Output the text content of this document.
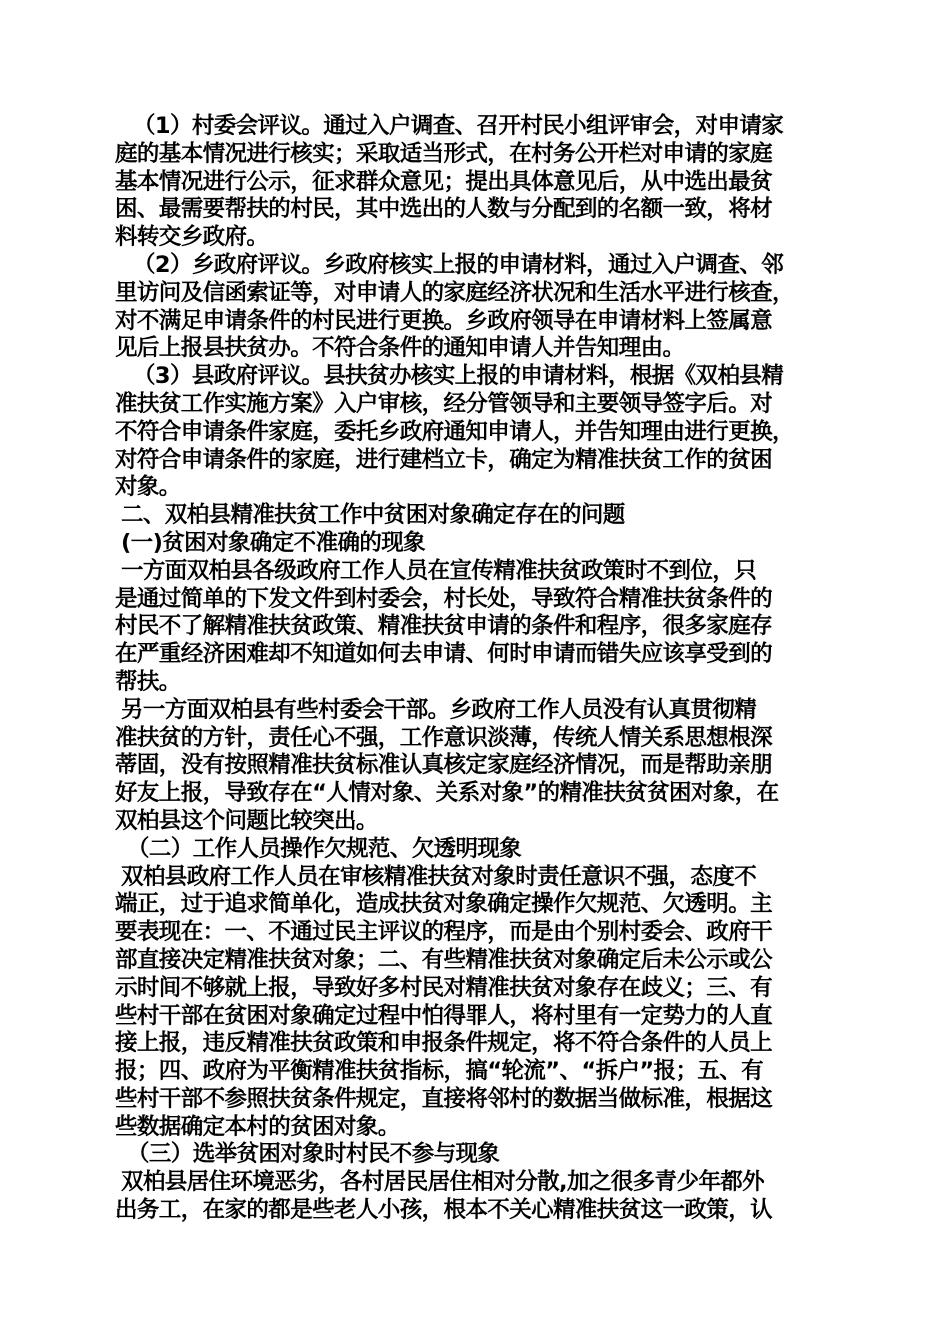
（1）村委会评议。通过入户调查、召开村民小组评审会，对申请家
庭的基本情况进行核实；采取适当形式，在村务公开栏对申请的家庭
基本情况进行公示，征求群众意见；提出具体意见后，从中选出最贫
困、最需要帮扶的村民，其中选出的人数与分配到的名额一致，将材
料转交乡政府。
（2）乡政府评议。乡政府核实上报的申请材料，通过入户调查、邻
里访问及信函索证等，对申请人的家庭经济状况和生活水平进行核查，
对不满足申请条件的村民进行更换。乡政府领导在申请材料上签属意
见后上报县扶贫办。不符合条件的通知申请人并告知理由。
（3）县政府评议。县扶贫办核实上报的申请材料，根据《双柏县精
准扶贫工作实施方案》入户审核，经分管领导和主要领导签字后。对
不符合申请条件家庭，委托乡政府通知申请人，并告知理由进行更换，
对符合申请条件的家庭，进行建档立卡，确定为精准扶贫工作的贫困
对象。
二、双柏县精准扶贫工作中贫困对象确定存在的问题
(一)贫困对象确定不准确的现象
一方面双柏县各级政府工作人员在宣传精准扶贫政策时不到位，只
是通过简单的下发文件到村委会，村长处，导致符合精准扶贫条件的
村民不了解精准扶贫政策、精准扶贫申请的条件和程序，很多家庭存
在严重经济困难却不知道如何去申请、何时申请而错失应该享受到的
帮扶。
另一方面双柏县有些村委会干部。乡政府工作人员没有认真贯彻精
准扶贫的方针，责任心不强，工作意识淡薄，传统人情关系思想根深
蒂固，没有按照精准扶贫标准认真核定家庭经济情况，而是帮助亲朋
好友上报，导致存在“人情对象、关系对象”的精准扶贫贫困对象，在
双柏县这个问题比较突出。
（二）工作人员操作欠规范、欠透明现象
双柏县政府工作人员在审核精准扶贫对象时责任意识不强，态度不
端正，过于追求简单化，造成扶贫对象确定操作欠规范、欠透明。主
要表现在：一、不通过民主评议的程序，而是由个别村委会、政府干
部直接决定精准扶贫对象；二、有些精准扶贫对象确定后未公示或公
示时间不够就上报，导致好多村民对精准扶贫对象存在歧义；三、有
些村干部在贫困对象确定过程中怕得罪人，将村里有一定势力的人直
接上报，违反精准扶贫政策和申报条件规定，将不符合条件的人员上
报；四、政府为平衡精准扶贫指标，搞“轮流”、“拆户”报；五、有
些村干部不参照扶贫条件规定，直接将邻村的数据当做标准，根据这
些数据确定本村的贫困对象。
（三）选举贫困对象时村民不参与现象
双柏县居住环境恶劣，各村居民居住相对分散,加之很多青少年都外
出务工，在家的都是些老人小孩，根本不关心精准扶贫这一政策，认
